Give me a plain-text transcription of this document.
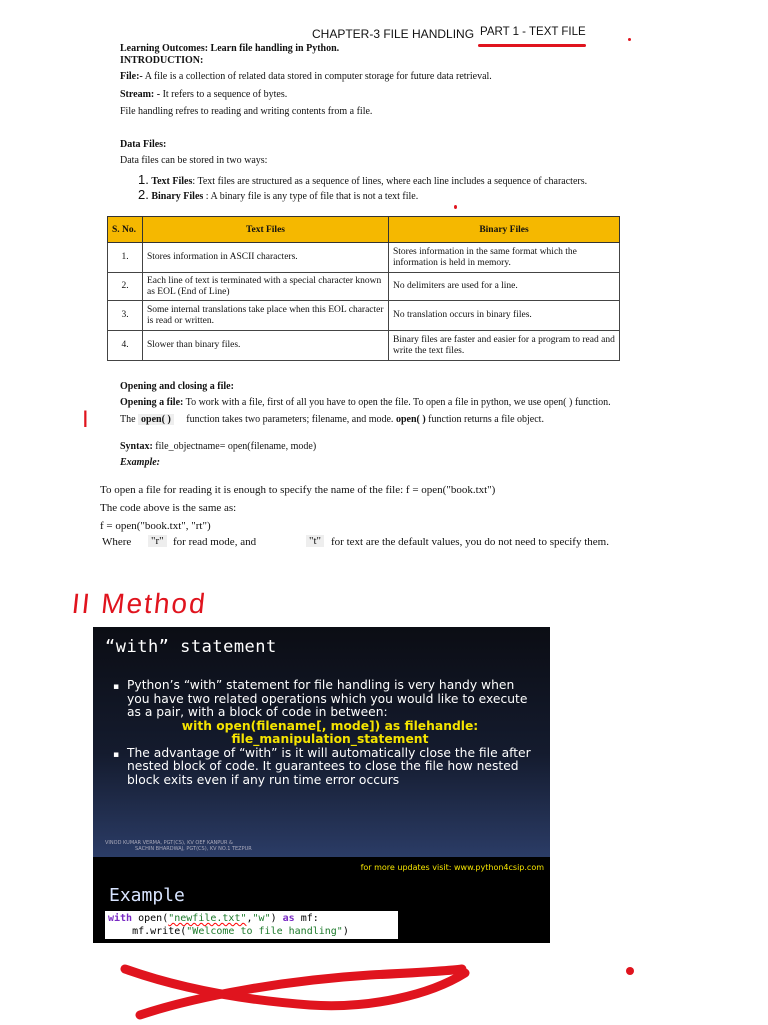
CHAPTER-3 FILE HANDLING PART 1 - TEXT FILE
Learning Outcomes: Learn file handling in Python.
INTRODUCTION:
File:- A file is a collection of related data stored in computer storage for future data retrieval.
Stream: - It refers to a sequence of bytes.
File handling refres to reading and writing contents from a file.
Data Files:
Data files can be stored in two ways:
1. Text Files: Text files are structured as a sequence of lines, where each line includes a sequence of characters.
2. Binary Files : A binary file is any type of file that is not a text file.
S. No.	Text Files	Binary Files
1.	Stores information in ASCII characters.	Stores information in the same format which the information is held in memory.
2.	Each line of text is terminated with a special character known as EOL (End of Line)	No delimiters are used for a line.
3.	Some internal translations take place when this EOL character is read or written.	No translation occurs in binary files.
4.	Slower than binary files.	Binary files are faster and easier for a program to read and write the text files.
Opening and closing a file:
Opening a file: To work with a file, first of all you have to open the file. To open a file in python, we use open( ) function.
The open( )     function takes two parameters; filename, and mode. open( ) function returns a file object.
Syntax: file_objectname= open(filename, mode)
Example:
To open a file for reading it is enough to specify the name of the file: f = open("book.txt")
The code above is the same as:
f = open("book.txt", "rt")
Where "r" for read mode, and	"t" for text are the default values, you do not need to specify them.
I
II Method
“with” statement
▪ Python’s “with” statement for file handling is very handy when you have two related operations which you would like to execute as a pair, with a block of code in between:
with open(filename[, mode]) as filehandle:
file_manipulation_statement
▪ The advantage of “with” is it will automatically close the file after nested block of code. It guarantees to close the file how nested block exits even if any run time error occurs
VINOD KUMAR VERMA, PGT(CS), KV OEF KANPUR &
SACHIN BHARDWAJ, PGT(CS), KV NO.1 TEZPUR
for more updates visit: www.python4csip.com
Example
with open("newfile.txt","w") as mf:
mf.write("Welcome to file handling")
